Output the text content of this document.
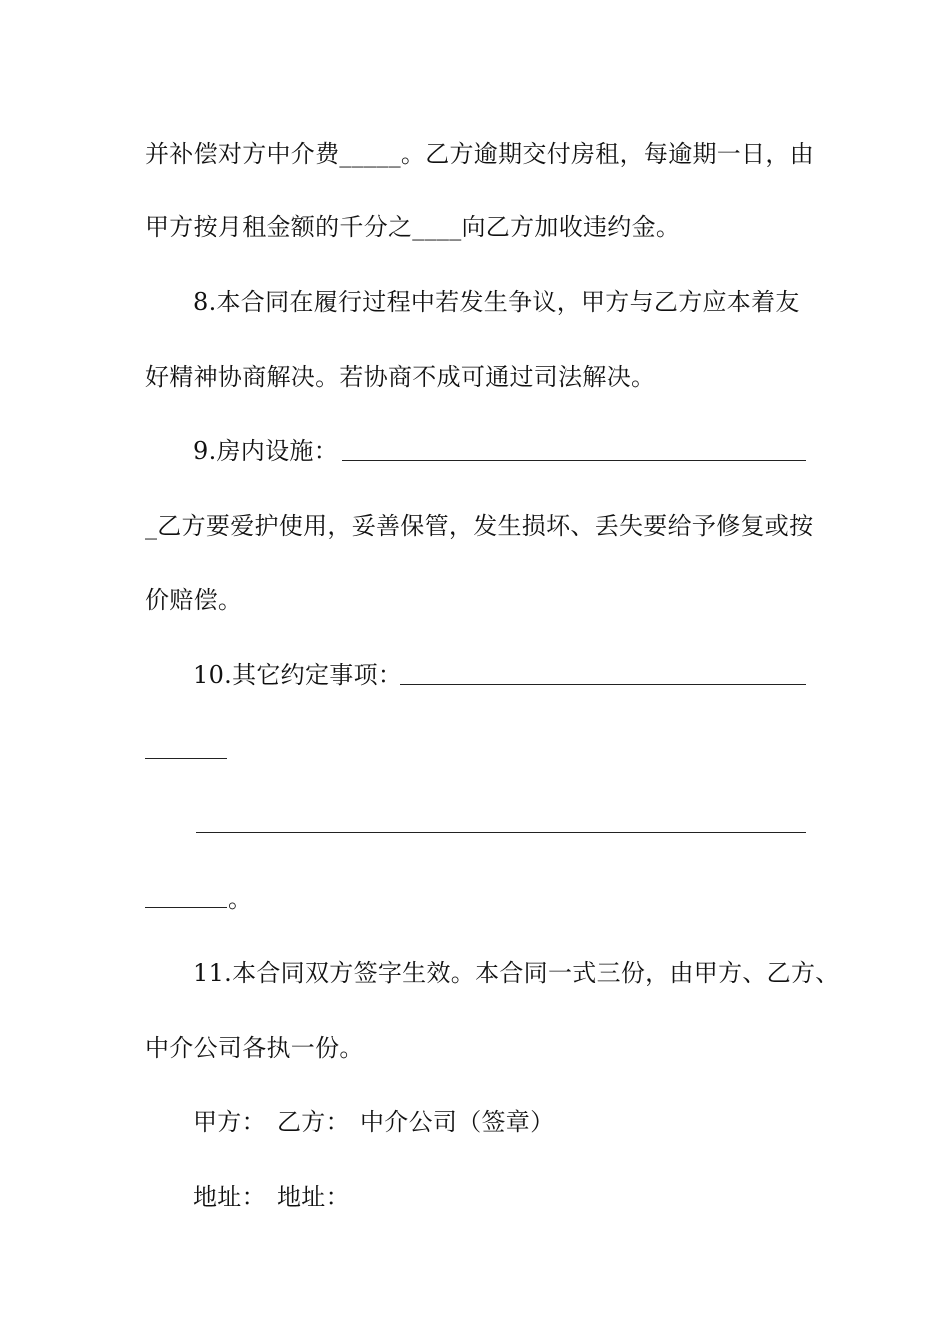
并补偿对方中介费_____。乙方逾期交付房租，每逾期一日，由
甲方按月租金额的千分之____向乙方加收违约金。
8.本合同在履行过程中若发生争议，甲方与乙方应本着友
好精神协商解决。若协商不成可通过司法解决。
9.房内设施：
_乙方要爱护使用，妥善保管，发生损坏、丢失要给予修复或按
价赔偿。
10.其它约定事项：
。
11.本合同双方签字生效。本合同一式三份，由甲方、乙方、
中介公司各执一份。
甲方： 乙方： 中介公司（签章）
地址： 地址：
